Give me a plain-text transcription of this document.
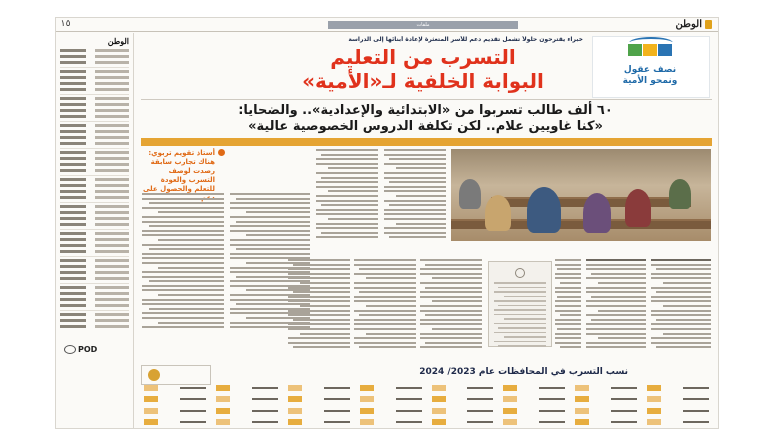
الوطن
ملفات
١٥
الوطن
POD
نصف عقول
ونمحو الأمية
خبراء يقترحون حلولاً تشمل تقديم دعم للأسر المتعثرة لإعادة أبنائها إلى الدراسة
التسرب من التعليم
البوابة الخلفية لـ«الأمية»
٦٠ ألف طالب تسربوا من «الابتدائية والإعدادية».. والضحايا:
«كنا غاويين علام.. لكن تكلفة الدروس الخصوصية عالية»
أستاذ تقويم تربوي: هناك تجارب سابقة رصدت لوصف التسرب والعودة للتعلم والحصول على
نسب التسرب في المحافظات عام 2023/ 2024
